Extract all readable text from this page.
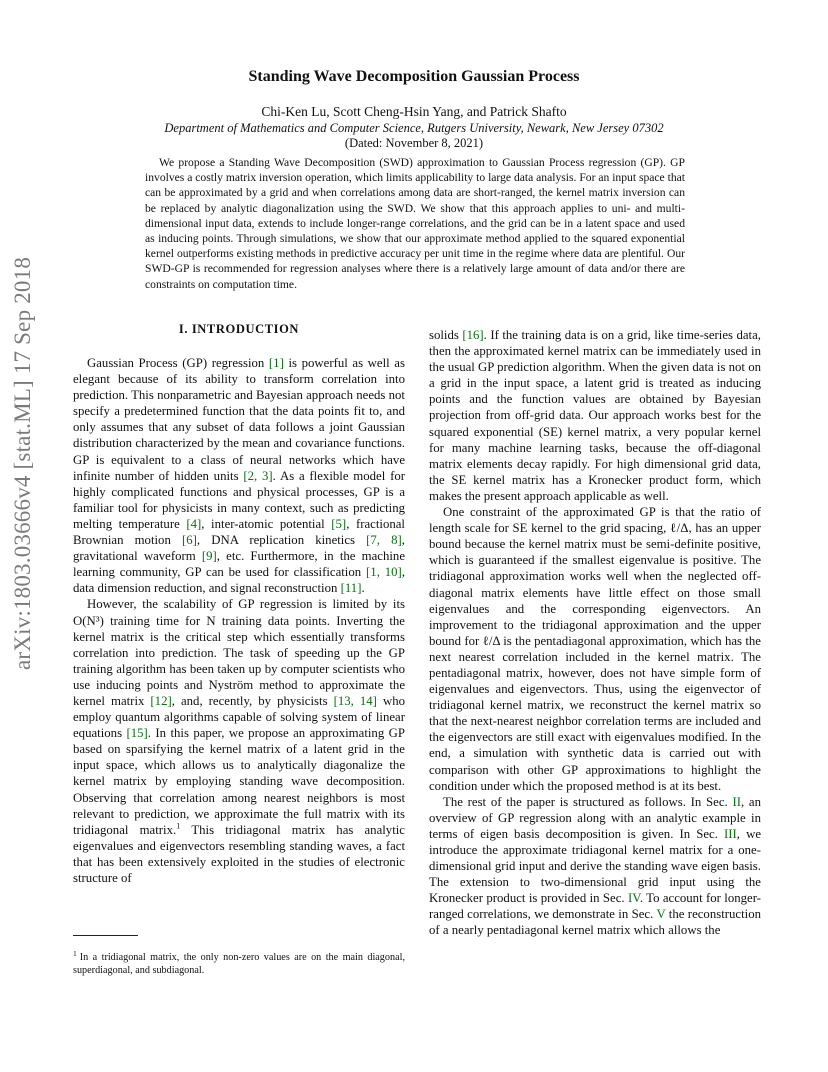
arXiv:1803.03666v4 [stat.ML] 17 Sep 2018
Standing Wave Decomposition Gaussian Process
Chi-Ken Lu, Scott Cheng-Hsin Yang, and Patrick Shafto
Department of Mathematics and Computer Science, Rutgers University, Newark, New Jersey 07302
(Dated: November 8, 2021)

We propose a Standing Wave Decomposition (SWD) approximation to Gaussian Process regression (GP). GP involves a costly matrix inversion operation, which limits applicability to large data analysis. For an input space that can be approximated by a grid and when correlations among data are short-ranged, the kernel matrix inversion can be replaced by analytic diagonalization using the SWD. We show that this approach applies to uni- and multi-dimensional input data, extends to include longer-range correlations, and the grid can be in a latent space and used as inducing points. Through simulations, we show that our approximate method applied to the squared exponential kernel outperforms existing methods in predictive accuracy per unit time in the regime where data are plentiful. Our SWD-GP is recommended for regression analyses where there is a relatively large amount of data and/or there are constraints on computation time.

I. INTRODUCTION

Gaussian Process (GP) regression [1] is powerful as well as elegant because of its ability to transform correlation into prediction. This nonparametric and Bayesian approach needs not specify a predetermined function that the data points fit to, and only assumes that any subset of data follows a joint Gaussian distribution characterized by the mean and covariance functions. GP is equivalent to a class of neural networks which have infinite number of hidden units [2, 3]. As a flexible model for highly complicated functions and physical processes, GP is a familiar tool for physicists in many context, such as predicting melting temperature [4], inter-atomic potential [5], fractional Brownian motion [6], DNA replication kinetics [7, 8], gravitational waveform [9], etc. Furthermore, in the machine learning community, GP can be used for classification [1, 10], data dimension reduction, and signal reconstruction [11].

However, the scalability of GP regression is limited by its O(N³) training time for N training data points. Inverting the kernel matrix is the critical step which essentially transforms correlation into prediction. The task of speeding up the GP training algorithm has been taken up by computer scientists who use inducing points and Nyström method to approximate the kernel matrix [12], and, recently, by physicists [13, 14] who employ quantum algorithms capable of solving system of linear equations [15]. In this paper, we propose an approximating GP based on sparsifying the kernel matrix of a latent grid in the input space, which allows us to analytically diagonalize the kernel matrix by employing standing wave decomposition. Observing that correlation among nearest neighbors is most relevant to prediction, we approximate the full matrix with its tridiagonal matrix.$^1$ This tridiagonal matrix has analytic eigenvalues and eigenvectors resembling standing waves, a fact that has been extensively exploited in the studies of electronic structure of

solids [16]. If the training data is on a grid, like time-series data, then the approximated kernel matrix can be immediately used in the usual GP prediction algorithm. When the given data is not on a grid in the input space, a latent grid is treated as inducing points and the function values are obtained by Bayesian projection from off-grid data. Our approach works best for the squared exponential (SE) kernel matrix, a very popular kernel for many machine learning tasks, because the off-diagonal matrix elements decay rapidly. For high dimensional grid data, the SE kernel matrix has a Kronecker product form, which makes the present approach applicable as well.

One constraint of the approximated GP is that the ratio of length scale for SE kernel to the grid spacing, ℓ/Δ, has an upper bound because the kernel matrix must be semi-definite positive, which is guaranteed if the smallest eigenvalue is positive. The tridiagonal approximation works well when the neglected off-diagonal matrix elements have little effect on those small eigenvalues and the corresponding eigenvectors. An improvement to the tridiagonal approximation and the upper bound for ℓ/Δ is the pentadiagonal approximation, which has the next nearest correlation included in the kernel matrix. The pentadiagonal matrix, however, does not have simple form of eigenvalues and eigenvectors. Thus, using the eigenvector of tridiagonal kernel matrix, we reconstruct the kernel matrix so that the next-nearest neighbor correlation terms are included and the eigenvectors are still exact with eigenvalues modified. In the end, a simulation with synthetic data is carried out with comparison with other GP approximations to highlight the condition under which the proposed method is at its best.

The rest of the paper is structured as follows. In Sec. II, an overview of GP regression along with an analytic example in terms of eigen basis decomposition is given. In Sec. III, we introduce the approximate tridiagonal kernel matrix for a one-dimensional grid input and derive the standing wave eigen basis. The extension to two-dimensional grid input using the Kronecker product is provided in Sec. IV. To account for longer-ranged correlations, we demonstrate in Sec. V the reconstruction of a nearly pentadiagonal kernel matrix which allows the

$^1$ In a tridiagonal matrix, the only non-zero values are on the main diagonal, superdiagonal, and subdiagonal.
